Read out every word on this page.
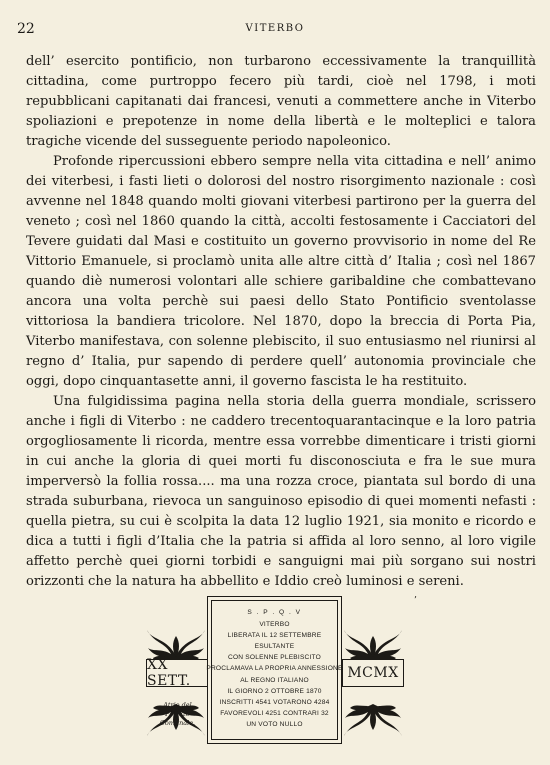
22	VITERBO

dell’ esercito pontificio, non turbarono eccessivamente la tranquillità cittadina, come purtroppo fecero più tardi, cioè nel 1798, i moti repubblicani capitanati dai francesi, venuti a commettere anche in Viterbo spoliazioni e prepotenze in nome della libertà e le molteplici e talora tragiche vicende del susseguente periodo napoleonico.

Profonde ripercussioni ebbero sempre nella vita cittadina e nell’ animo dei viterbesi, i fasti lieti o dolorosi del nostro risorgimento nazionale : così avvenne nel 1848 quando molti giovani viterbesi partirono per la guerra del veneto ; così nel 1860 quando la città, accolti festosamente i Cacciatori del Tevere guidati dal Masi e costituito un governo provvisorio in nome del Re Vittorio Emanuele, si proclamò unita alle altre città d’ Italia ; così nel 1867 quando diè numerosi volontari alle schiere garibaldine che combattevano ancora una volta perchè sui paesi dello Stato Pontificio sventolasse vittoriosa la bandiera tricolore. Nel 1870, dopo la breccia di Porta Pia, Viterbo manifestava, con solenne plebiscito, il suo entusiasmo nel riunirsi al regno d’ Italia, pur sapendo di perdere quell’ autonomia provinciale che oggi, dopo cinquantasette anni, il governo fascista le ha restituito.

Una fulgidissima pagina nella storia della guerra mondiale, scrissero anche i figli di Viterbo : ne caddero trecentoquarantacinque e la loro patria orgogliosamente li ricorda, mentre essa vorrebbe dimenticare i tristi giorni in cui anche la gloria di quei morti fu disconosciuta e fra le sue mura imperversò la follia rossa.... ma una rozza croce, piantata sul bordo di una strada suburbana, rievoca un sanguinoso episodio di quei momenti nefasti : quella pietra, su cui è scolpita la data 12 luglio 1921, sia monito e ricordo e dica a tutti i figli d’Italia che la patria si affida al loro senno, al loro vigile affetto perchè quei giorni torbidi e sanguigni mai più sorgano sui nostri orizzonti che la natura ha abbellito e Iddio creò luminosi e sereni.

XX SETT.	MCMX
S . P . Q . V
VITERBO
LIBERATA IL 12 SETTEMBRE
ESULTANTE
CON SOLENNE PLEBISCITO
PROCLAMAVA LA PROPRIA ANNESSIONE
AL REGNO ITALIANO
IL GIORNO 2 OTTOBRE 1870
INSCRITTI 4541 VOTARONO 4284
FAVOREVOLI 4251 CONTRARI 32
UN VOTO NULLO
Atrio del Palazzo
Comunale.
’
